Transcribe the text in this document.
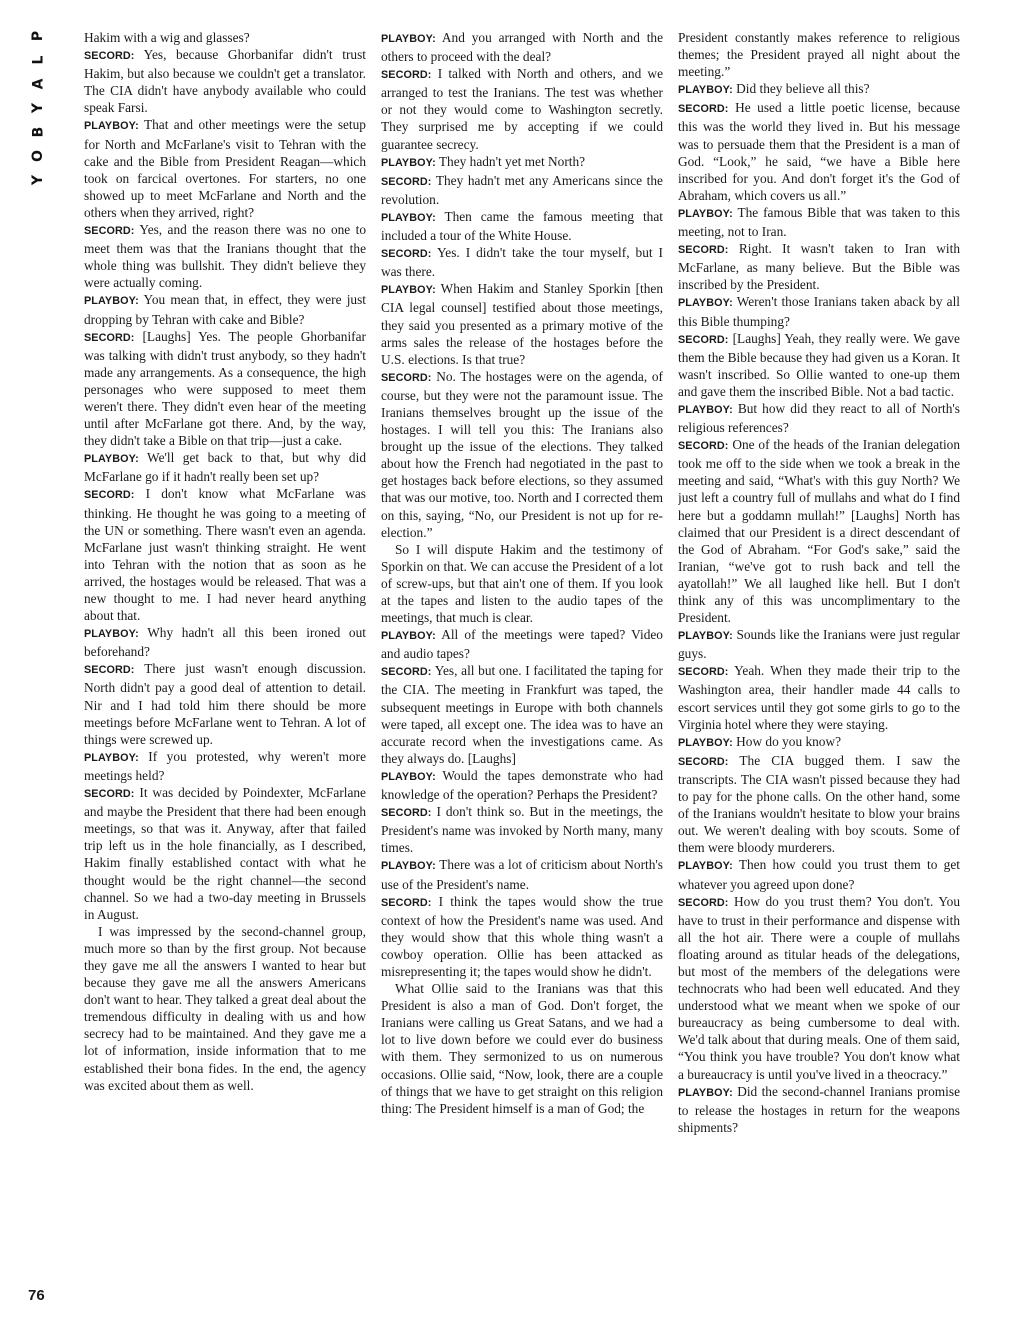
P
L
A
Y
B
O
Y

Hakim with a wig and glasses?

SECORD: Yes, because Ghorbanifar didn't trust Hakim, but also because we couldn't get a translator. The CIA didn't have anybody available who could speak Farsi.

PLAYBOY: That and other meetings were the setup for North and McFarlane's visit to Tehran with the cake and the Bible from President Reagan—which took on farcical overtones. For starters, no one showed up to meet McFarlane and North and the others when they arrived, right?

SECORD: Yes, and the reason there was no one to meet them was that the Iranians thought that the whole thing was bullshit. They didn't believe they were actually coming.

PLAYBOY: You mean that, in effect, they were just dropping by Tehran with cake and Bible?

SECORD: [Laughs] Yes. The people Ghorbanifar was talking with didn't trust anybody, so they hadn't made any arrangements. As a consequence, the high personages who were supposed to meet them weren't there. They didn't even hear of the meeting until after McFarlane got there. And, by the way, they didn't take a Bible on that trip—just a cake.

PLAYBOY: We'll get back to that, but why did McFarlane go if it hadn't really been set up?

SECORD: I don't know what McFarlane was thinking. He thought he was going to a meeting of the UN or something. There wasn't even an agenda. McFarlane just wasn't thinking straight. He went into Tehran with the notion that as soon as he arrived, the hostages would be released. That was a new thought to me. I had never heard anything about that.

PLAYBOY: Why hadn't all this been ironed out beforehand?

SECORD: There just wasn't enough discussion. North didn't pay a good deal of attention to detail. Nir and I had told him there should be more meetings before McFarlane went to Tehran. A lot of things were screwed up.

PLAYBOY: If you protested, why weren't more meetings held?

SECORD: It was decided by Poindexter, McFarlane and maybe the President that there had been enough meetings, so that was it. Anyway, after that failed trip left us in the hole financially, as I described, Hakim finally established contact with what he thought would be the right channel—the second channel. So we had a two-day meeting in Brussels in August.

I was impressed by the second-channel group, much more so than by the first group. Not because they gave me all the answers I wanted to hear but because they gave me all the answers Americans don't want to hear. They talked a great deal about the tremendous difficulty in dealing with us and how secrecy had to be maintained. And they gave me a lot of information, inside information that to me established their bona fides. In the end, the agency was excited about them as well.

PLAYBOY: And you arranged with North and the others to proceed with the deal?

SECORD: I talked with North and others, and we arranged to test the Iranians. The test was whether or not they would come to Washington secretly. They surprised me by accepting if we could guarantee secrecy.

PLAYBOY: They hadn't yet met North?

SECORD: They hadn't met any Americans since the revolution.

PLAYBOY: Then came the famous meeting that included a tour of the White House.

SECORD: Yes. I didn't take the tour myself, but I was there.

PLAYBOY: When Hakim and Stanley Sporkin [then CIA legal counsel] testified about those meetings, they said you presented as a primary motive of the arms sales the release of the hostages before the U.S. elections. Is that true?

SECORD: No. The hostages were on the agenda, of course, but they were not the paramount issue. The Iranians themselves brought up the issue of the hostages. I will tell you this: The Iranians also brought up the issue of the elections. They talked about how the French had negotiated in the past to get hostages back before elections, so they assumed that was our motive, too. North and I corrected them on this, saying, “No, our President is not up for re-election.”

So I will dispute Hakim and the testimony of Sporkin on that. We can accuse the President of a lot of screw-ups, but that ain't one of them. If you look at the tapes and listen to the audio tapes of the meetings, that much is clear.

PLAYBOY: All of the meetings were taped? Video and audio tapes?

SECORD: Yes, all but one. I facilitated the taping for the CIA. The meeting in Frankfurt was taped, the subsequent meetings in Europe with both channels were taped, all except one. The idea was to have an accurate record when the investigations came. As they always do. [Laughs]

PLAYBOY: Would the tapes demonstrate who had knowledge of the operation? Perhaps the President?

SECORD: I don't think so. But in the meetings, the President's name was invoked by North many, many times.

PLAYBOY: There was a lot of criticism about North's use of the President's name.

SECORD: I think the tapes would show the true context of how the President's name was used. And they would show that this whole thing wasn't a cowboy operation. Ollie has been attacked as misrepresenting it; the tapes would show he didn't.

What Ollie said to the Iranians was that this President is also a man of God. Don't forget, the Iranians were calling us Great Satans, and we had a lot to live down before we could ever do business with them. They sermonized to us on numerous occasions. Ollie said, “Now, look, there are a couple of things that we have to get straight on this religion thing: The President himself is a man of God; the

President constantly makes reference to religious themes; the President prayed all night about the meeting.”

PLAYBOY: Did they believe all this?

SECORD: He used a little poetic license, because this was the world they lived in. But his message was to persuade them that the President is a man of God. “Look,” he said, “we have a Bible here inscribed for you. And don't forget it's the God of Abraham, which covers us all.”

PLAYBOY: The famous Bible that was taken to this meeting, not to Iran.

SECORD: Right. It wasn't taken to Iran with McFarlane, as many believe. But the Bible was inscribed by the President.

PLAYBOY: Weren't those Iranians taken aback by all this Bible thumping?

SECORD: [Laughs] Yeah, they really were. We gave them the Bible because they had given us a Koran. It wasn't inscribed. So Ollie wanted to one-up them and gave them the inscribed Bible. Not a bad tactic.

PLAYBOY: But how did they react to all of North's religious references?

SECORD: One of the heads of the Iranian delegation took me off to the side when we took a break in the meeting and said, “What's with this guy North? We just left a country full of mullahs and what do I find here but a goddamn mullah!” [Laughs] North has claimed that our President is a direct descendant of the God of Abraham. “For God's sake,” said the Iranian, “we've got to rush back and tell the ayatollah!” We all laughed like hell. But I don't think any of this was uncomplimentary to the President.

PLAYBOY: Sounds like the Iranians were just regular guys.

SECORD: Yeah. When they made their trip to the Washington area, their handler made 44 calls to escort services until they got some girls to go to the Virginia hotel where they were staying.

PLAYBOY: How do you know?

SECORD: The CIA bugged them. I saw the transcripts. The CIA wasn't pissed because they had to pay for the phone calls. On the other hand, some of the Iranians wouldn't hesitate to blow your brains out. We weren't dealing with boy scouts. Some of them were bloody murderers.

PLAYBOY: Then how could you trust them to get whatever you agreed upon done?

SECORD: How do you trust them? You don't. You have to trust in their performance and dispense with all the hot air. There were a couple of mullahs floating around as titular heads of the delegations, but most of the members of the delegations were technocrats who had been well educated. And they understood what we meant when we spoke of our bureaucracy as being cumbersome to deal with. We'd talk about that during meals. One of them said, “You think you have trouble? You don't know what a bureaucracy is until you've lived in a theocracy.”

PLAYBOY: Did the second-channel Iranians promise to release the hostages in return for the weapons shipments?

76
